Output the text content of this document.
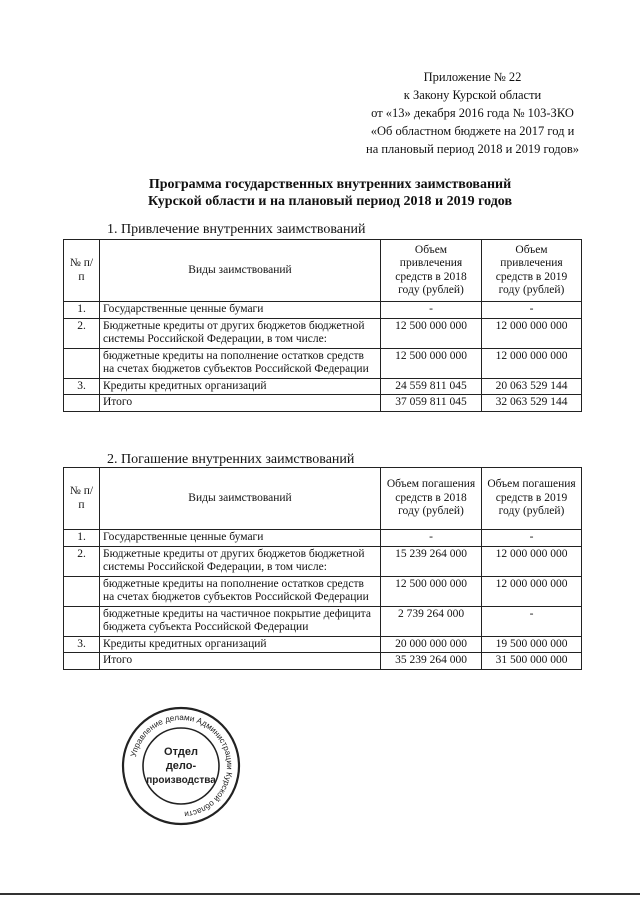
Приложение № 22
к Закону Курской области
от «13» декабря 2016 года № 103-ЗКО
«Об областном бюджете на 2017 год и
на плановый период 2018 и 2019 годов»
Программа государственных внутренних заимствований
Курской области и на плановый период 2018 и 2019 годов
1. Привлечение внутренних заимствований
№ п/п	Виды заимствований	Объем привлечения средств в 2018 году (рублей)	Объем привлечения средств в 2019 году (рублей)
1.	Государственные ценные бумаги	-	-
2.	Бюджетные кредиты от других бюджетов бюджетной системы Российской Федерации, в том числе:	12 500 000 000	12 000 000 000
	бюджетные кредиты на пополнение остатков средств на счетах бюджетов субъектов Российской Федерации	12 500 000 000	12 000 000 000
3.	Кредиты кредитных организаций	24 559 811 045	20 063 529 144
	Итого	37 059 811 045	32 063 529 144
2. Погашение внутренних заимствований
№ п/п	Виды заимствований	Объем погашения средств в 2018 году (рублей)	Объем погашения средств в 2019 году (рублей)
1.	Государственные ценные бумаги	-	-
2.	Бюджетные кредиты от других бюджетов бюджетной системы Российской Федерации, в том числе:	15 239 264 000	12 000 000 000
	бюджетные кредиты на пополнение остатков средств на счетах бюджетов субъектов Российской Федерации	12 500 000 000	12 000 000 000
	бюджетные кредиты на частичное покрытие дефицита бюджета субъекта Российской Федерации	2 739 264 000	-
3.	Кредиты кредитных организаций	20 000 000 000	19 500 000 000
	Итого	35 239 264 000	31 500 000 000
Управление делами Администрации Курской области
Отдел
дело-
производства
